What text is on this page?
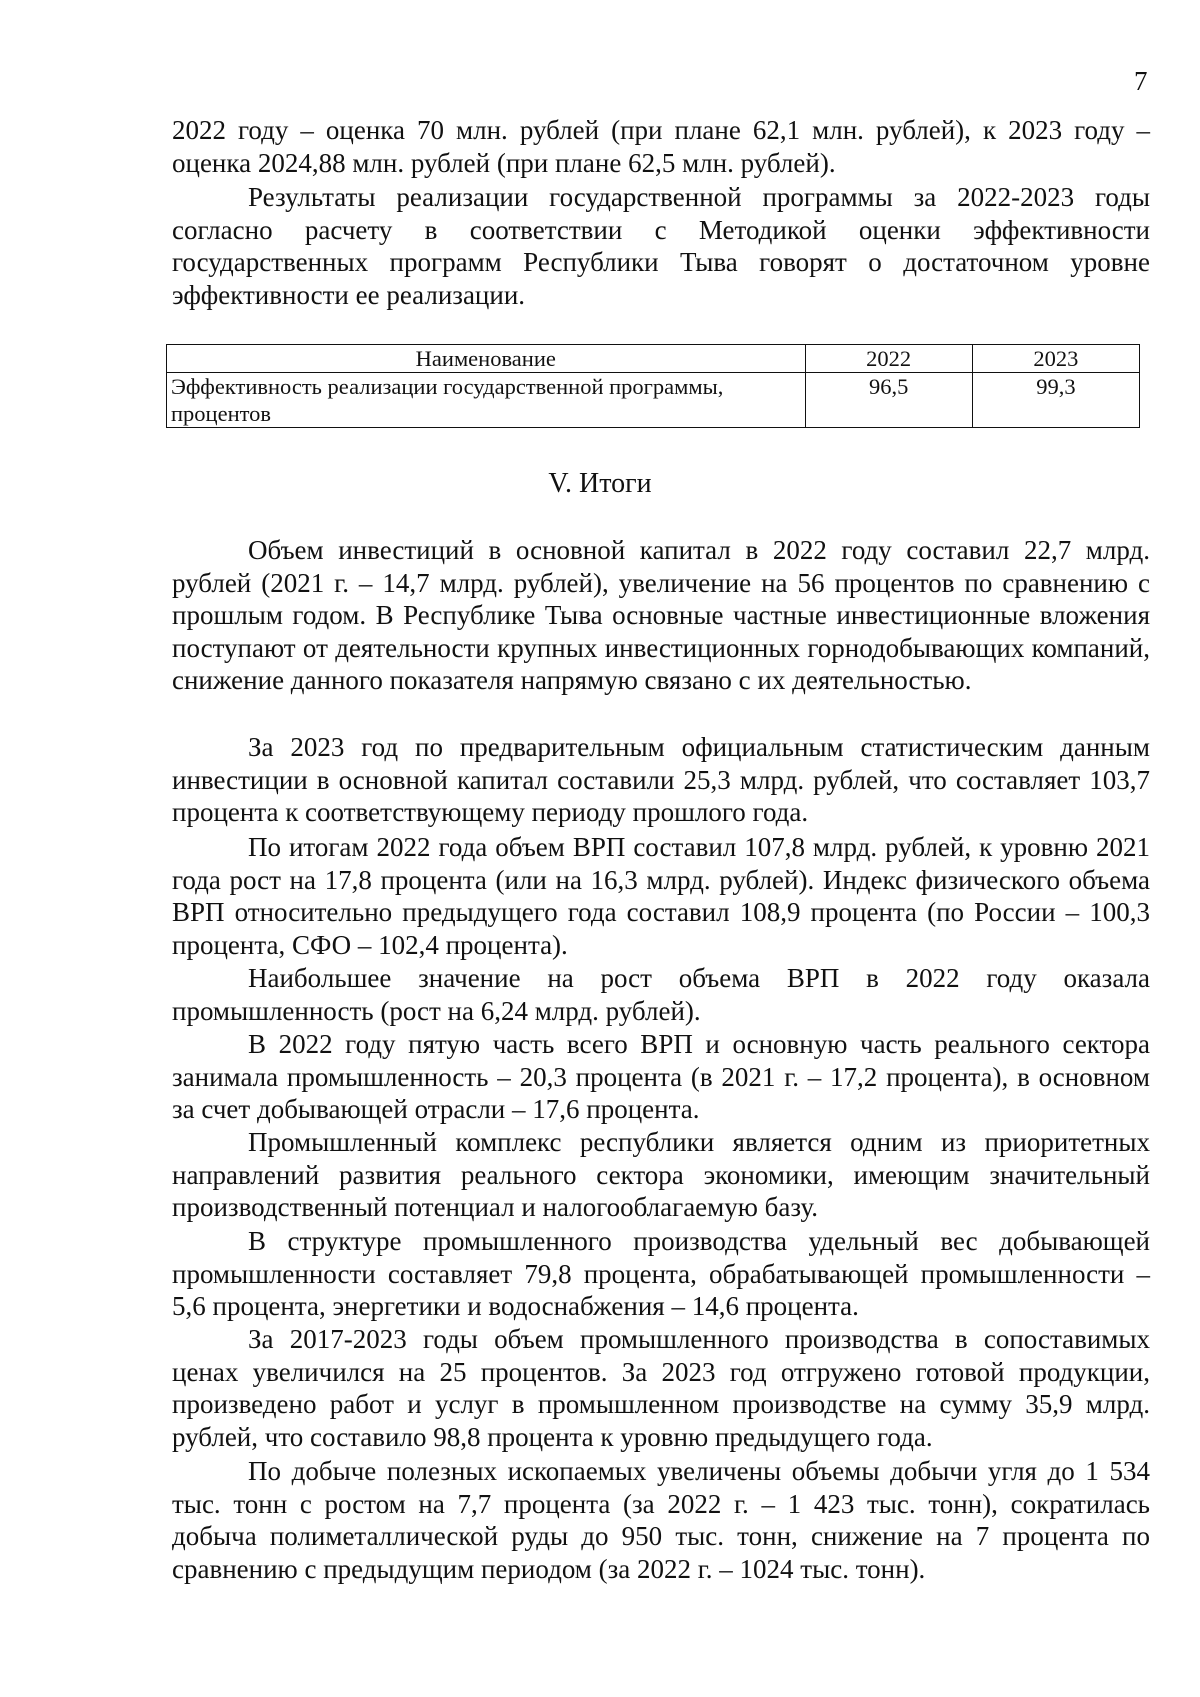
7

2022 году – оценка 70 млн. рублей (при плане 62,1 млн. рублей), к 2023 году – оценка 2024,88 млн. рублей (при плане 62,5 млн. рублей).

Результаты реализации государственной программы за 2022-2023 годы согласно расчету в соответствии с Методикой оценки эффективности государственных программ Республики Тыва говорят о достаточном уровне эффективности ее реализации.

Наименование	2022	2023
Эффективность реализации государственной программы, процентов	96,5	99,3
V. Итоги

Объем инвестиций в основной капитал в 2022 году составил 22,7 млрд. рублей (2021 г. – 14,7 млрд. рублей), увеличение на 56 процентов по сравнению с прошлым годом. В Республике Тыва основные частные инвестиционные вложения поступают от деятельности крупных инвестиционных горнодобывающих компаний, снижение данного показателя напрямую связано с их деятельностью.

За 2023 год по предварительным официальным статистическим данным инвестиции в основной капитал составили 25,3 млрд. рублей, что составляет 103,7 процента к соответствующему периоду прошлого года.

По итогам 2022 года объем ВРП составил 107,8 млрд. рублей, к уровню 2021 года рост на 17,8 процента (или на 16,3 млрд. рублей). Индекс физического объема ВРП относительно предыдущего года составил 108,9 процента (по России – 100,3 процента, СФО – 102,4 процента).

Наибольшее значение на рост объема ВРП в 2022 году оказала промышленность (рост на 6,24 млрд. рублей).

В 2022 году пятую часть всего ВРП и основную часть реального сектора занимала промышленность – 20,3 процента (в 2021 г. – 17,2 процента), в основном за счет добывающей отрасли – 17,6 процента.

Промышленный комплекс республики является одним из приоритетных направлений развития реального сектора экономики, имеющим значительный производственный потенциал и налогооблагаемую базу.

В структуре промышленного производства удельный вес добывающей промышленности составляет 79,8 процента, обрабатывающей промышленности – 5,6 процента, энергетики и водоснабжения – 14,6 процента.

За 2017-2023 годы объем промышленного производства в сопоставимых ценах увеличился на 25 процентов. За 2023 год отгружено готовой продукции, произведено работ и услуг в промышленном производстве на сумму 35,9 млрд. рублей, что составило 98,8 процента к уровню предыдущего года.

По добыче полезных ископаемых увеличены объемы добычи угля до 1 534 тыс. тонн с ростом на 7,7 процента (за 2022 г. – 1 423 тыс. тонн), сократилась добыча полиметаллической руды до 950 тыс. тонн, снижение на 7 процента по сравнению с предыдущим периодом (за 2022 г. – 1024 тыс. тонн).
